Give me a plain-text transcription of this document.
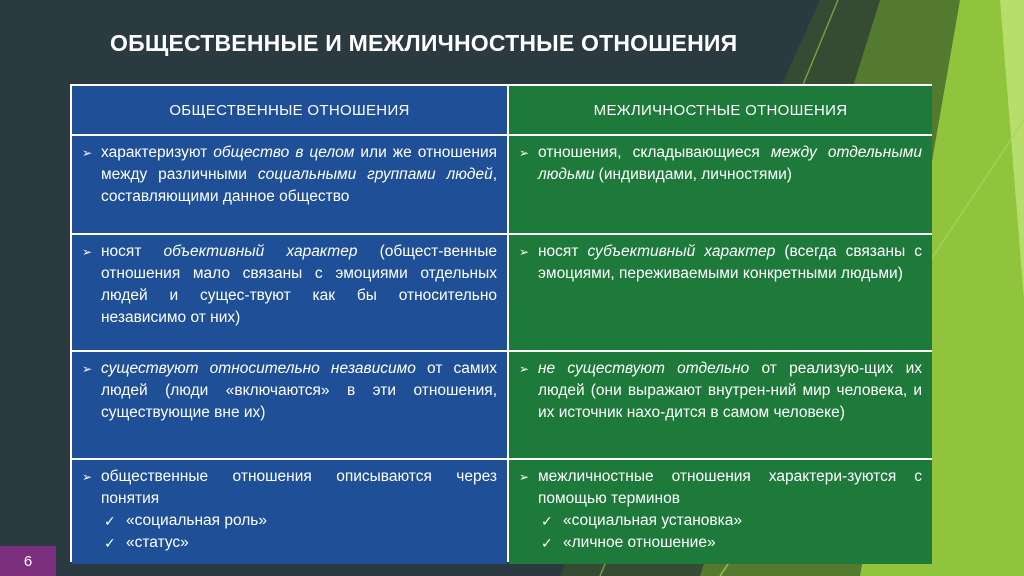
ОБЩЕСТВЕННЫЕ И МЕЖЛИЧНОСТНЫЕ ОТНОШЕНИЯ
ОБЩЕСТВЕННЫЕ ОТНОШЕНИЯ	МЕЖЛИЧНОСТНЫЕ ОТНОШЕНИЯ
➢ характеризуют общество в целом или же отношения между различными социальными группами людей, составляющими данное общество
➢ отношения, складывающиеся между отдельными людьми (индивидами, личностями)
➢ носят объективный характер (общест-венные отношения мало связаны с эмоциями отдельных людей и сущес-твуют как бы относительно независимо от них)
➢ носят субъективный характер (всегда связаны с эмоциями, переживаемыми конкретными людьми)
➢ существуют относительно независимо от самих людей (люди «включаются» в эти отношения, существующие вне их)
➢ не существуют отдельно от реализую-щих их людей (они выражают внутрен-ний мир человека, и их источник нахо-дится в самом человеке)
➢ общественные отношения описываются через понятия
✓ «социальная роль»
✓ «статус»
➢ межличностные отношения характери-зуются с помощью терминов
✓ «социальная установка»
✓ «личное отношение»
6
